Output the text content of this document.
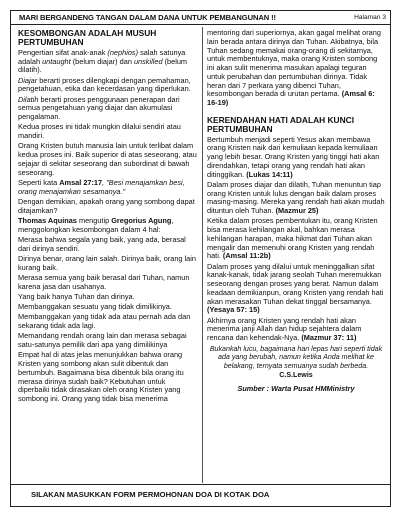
MARI BERGANDENG TANGAN DALAM DANA UNTUK PEMBANGUNAN !!	Halaman 3
KESOMBONGAN ADALAH MUSUH PERTUMBUHAN

Pengertian sifat anak-anak (nephios) salah satunya adalah untaught (belum diajar) dan unskilled (belum dilatih).

Diajar berarti proses dilengkapi dengan pemahaman, pengetahuan, etika dan kecerdasan yang diperlukan.

Dilatih berarti proses penggunaan penerapan dari semua pengetahuan yang diajar dan akumulasi pengalaman.

Kedua proses ini tidak mungkin dilalui sendiri atau mandiri.

Orang Kristen butuh manusia lain untuk terlibat dalam kedua proses ini. Baik superior di atas seseorang, atau sejajar di sekitar seseorang dan subordinat di bawah seseorang.

Seperti kata Amsal 27:17, "Besi menajamkan besi, orang menajamkan sesamanya."

Dengan demikian, apakah orang yang sombong dapat ditajamkan?

Thomas Aquinas mengutip Gregorius Agung, menggolongkan kesombongan dalam 4 hal:

Merasa bahwa segala yang baik, yang ada, berasal dari dirinya sendiri.

Dirinya benar, orang lain salah. Dirinya baik, orang lain kurang baik.

Merasa semua yang baik berasal dari Tuhan, namun karena jasa dan usahanya.

Yang baik hanya Tuhan dan dirinya.

Membanggakan sesuatu yang tidak dimilikinya.

Membanggakan yang tidak ada atau pernah ada dan sekarang tidak ada lagi.

Memandang rendah orang lain dan merasa sebagai satu-satunya pemilik dari apa yang dimilikinya

Empat hal di atas jelas menunjukkan bahwa orang Kristen yang sombong akan sulit dibentuk dan bertumbuh. Bagaimana bisa dibentuk bila orang itu merasa dirinya sudah baik? Kebutuhan untuk diperbaiki tidak dirasakan oleh orang Kristen yang sombong ini. Orang yang tidak bisa menerima

mentoring dari superiornya, akan gagal melihat orang lain berada antara dirinya dan Tuhan. Akibatnya, bila Tuhan sedang memakai orang-orang di sekitarnya, untuk membentuknya, maka orang Kristen sombong ini akan sulit menerima masukan apalagi teguran untuk perubahan dan pertumbuhan dirinya. Tidak heran dari 7 perkara yang dibenci Tuhan, kesombongan berada di urutan pertama. (Amsal 6: 16-19)

KERENDAHAN HATI ADALAH KUNCI PERTUMBUHAN

Bertumbuh menjadi seperti Yesus akan membawa orang Kristen naik dari kemuliaan kepada kemuliaan yang lebih besar. Orang Kristen yang tinggi hati akan direndahkan, tetapi orang yang rendah hati akan ditinggikan. (Lukas 14:11)

Dalam proses diajar dan dilatih, Tuhan menuntun tiap orang Kristen untuk lulus dengan baik dalam proses masing-masing. Mereka yang rendah hati akan mudah dituntun oleh Tuhan. (Mazmur 25)

Ketika dalam proses pembentukan itu, orang Kristen bisa merasa kehilangan akal, bahkan merasa kehilangan harapan, maka hikmat dari Tuhan akan mengalir dan memenuhi orang Kristen yang rendah hati. (Amsal 11:2b)

Dalam proses yang dilalui untuk meninggalkan sifat kanak-kanak, tidak jarang seolah Tuhan meremukkan seseorang dengan proses yang berat. Namun dalam keadaan demikianpun, orang Kristen yang rendah hati akan merasakan Tuhan dekat tinggal bersamanya. (Yesaya 57: 15)

Akhirnya orang Kristen yang rendah hati akan menerima janji Allah dan hidup sejahtera dalam rencana dan kehendak-Nya. (Mazmur 37: 11)

Bukankah lucu, bagaimana hari lepas hari seperti tidak ada yang berubah, namun ketika Anda melihat ke belakang, ternyata semuanya sudah berbeda. C.S.Lewis

Sumber : Warta Pusat HMMinistry

SILAKAN MASUKKAN FORM PERMOHONAN DOA DI KOTAK DOA
